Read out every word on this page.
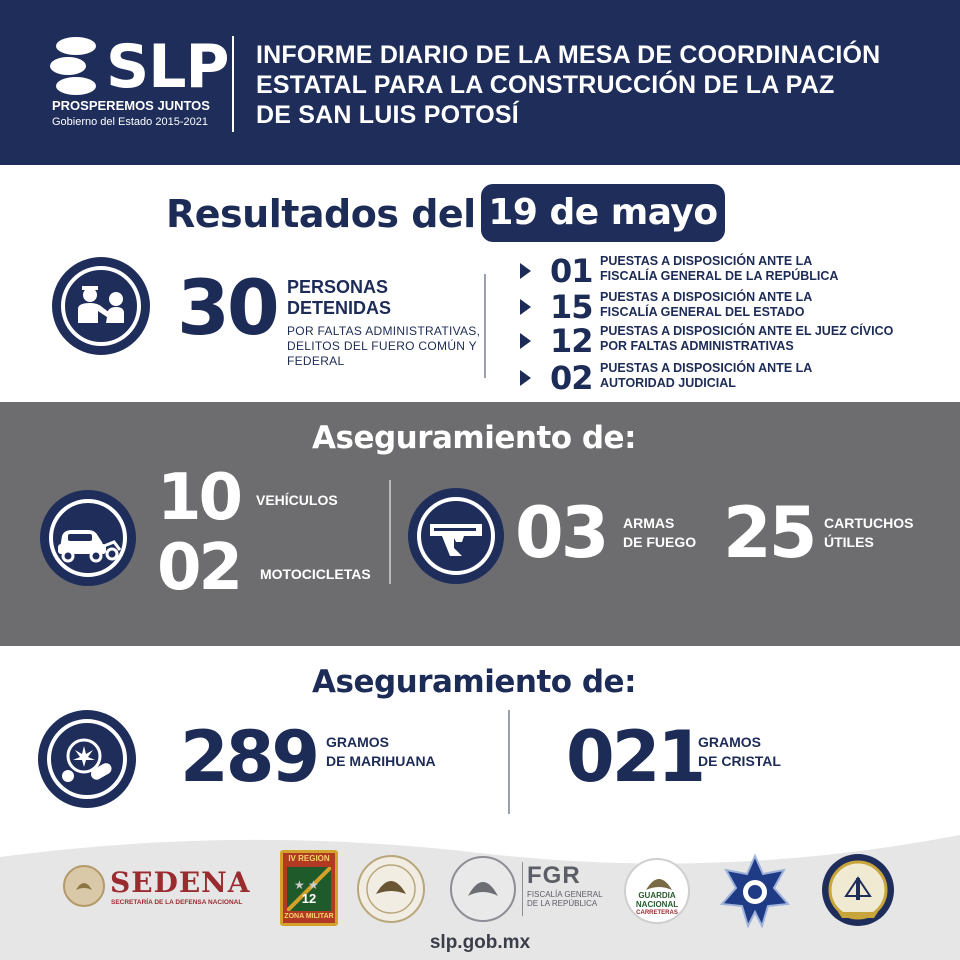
SLP
PROSPEREMOS JUNTOS
Gobierno del Estado 2015-2021
INFORME DIARIO DE LA MESA DE COORDINACIÓN
ESTATAL PARA LA CONSTRUCCIÓN DE LA PAZ
DE SAN LUIS POTOSÍ
Resultados del 19 de mayo
30 PERSONAS
DETENIDAS
POR FALTAS ADMINISTRATIVAS,
DELITOS DEL FUERO COMÚN Y
FEDERAL
01 PUESTAS A DISPOSICIÓN ANTE LA
FISCALÍA GENERAL DE LA REPÚBLICA
15 PUESTAS A DISPOSICIÓN ANTE LA
FISCALÍA GENERAL DEL ESTADO
12 PUESTAS A DISPOSICIÓN ANTE EL JUEZ CÍVICO
POR FALTAS ADMINISTRATIVAS
02 PUESTAS A DISPOSICIÓN ANTE LA
AUTORIDAD JUDICIAL
Aseguramiento de:
10 VEHÍCULOS
02 MOTOCICLETAS 03 ARMAS
DE FUEGO 25 CARTUCHOS
ÚTILES
Aseguramiento de:
289 GRAMOS
DE MARIHUANA 021
GRAMOS
DE CRISTAL
SEDENA
SECRETARÍA DE LA DEFENSA NACIONAL
IV REGION
★ ★
12
ZONA MILITAR
FGR
FISCALÍA GENERAL
DE LA REPÚBLICA
GUARDIA
NACIONAL
CARRETERAS
slp.gob.mx
